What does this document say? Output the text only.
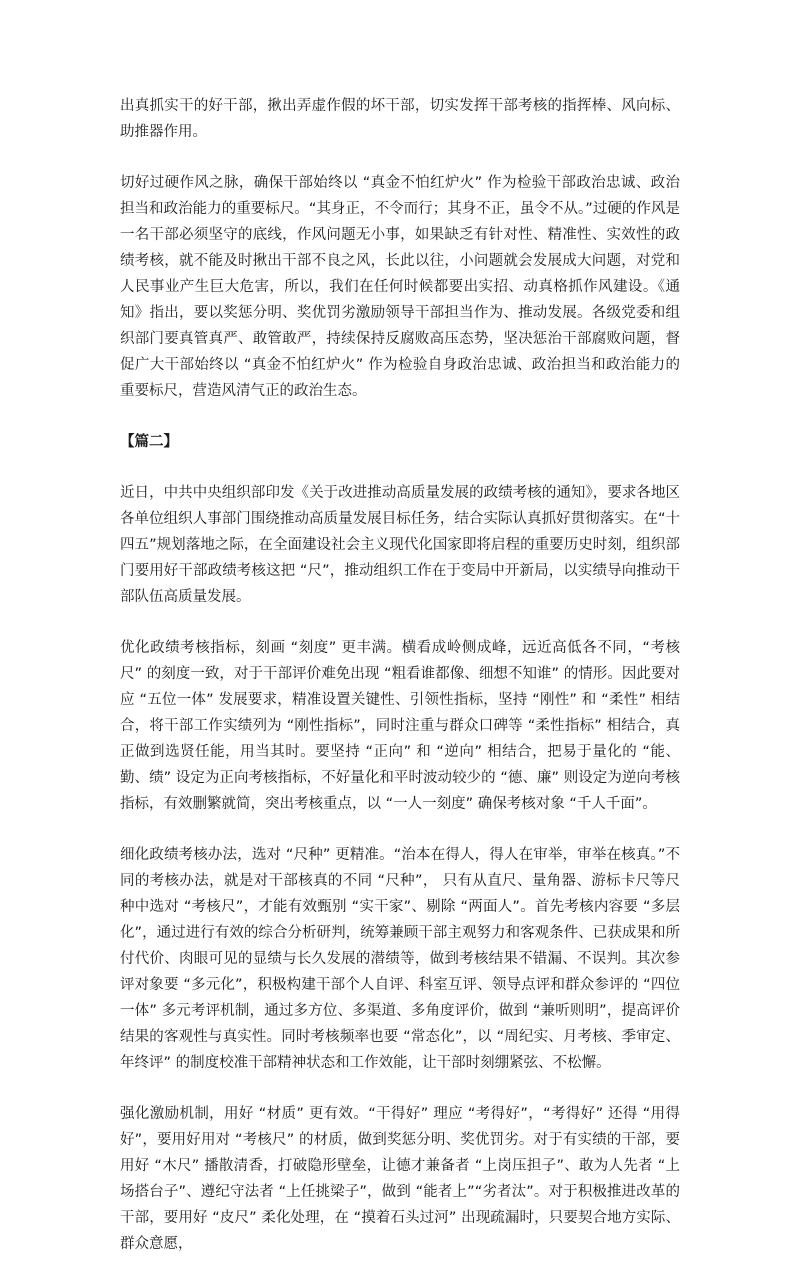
出真抓实干的好干部，揪出弄虚作假的坏干部，切实发挥干部考核的指挥棒、风向标、助推器作用。

切好过硬作风之脉，确保干部始终以 “真金不怕红炉火” 作为检验干部政治忠诚、政治担当和政治能力的重要标尺。“其身正，不令而行；其身不正，虽令不从。”过硬的作风是一名干部必须坚守的底线，作风问题无小事，如果缺乏有针对性、精准性、实效性的政绩考核，就不能及时揪出干部不良之风，长此以往，小问题就会发展成大问题，对党和人民事业产生巨大危害，所以，我们在任何时候都要出实招、动真格抓作风建设。《通知》指出，要以奖惩分明、奖优罚劣激励领导干部担当作为、推动发展。各级党委和组织部门要真管真严、敢管敢严，持续保持反腐败高压态势，坚决惩治干部腐败问题，督促广大干部始终以 “真金不怕红炉火” 作为检验自身政治忠诚、政治担当和政治能力的重要标尺，营造风清气正的政治生态。

【篇二】

近日，中共中央组织部印发《关于改进推动高质量发展的政绩考核的通知》，要求各地区各单位组织人事部门围绕推动高质量发展目标任务，结合实际认真抓好贯彻落实。在“十四五”规划落地之际，在全面建设社会主义现代化国家即将启程的重要历史时刻，组织部门要用好干部政绩考核这把 “尺”，推动组织工作在于变局中开新局，以实绩导向推动干部队伍高质量发展。

优化政绩考核指标，刻画 “刻度” 更丰满。横看成岭侧成峰，远近高低各不同，“考核尺” 的刻度一致，对于干部评价难免出现 “粗看谁都像、细想不知谁” 的情形。因此要对应 “五位一体” 发展要求，精准设置关键性、引领性指标，坚持 “刚性” 和 “柔性” 相结合，将干部工作实绩列为 “刚性指标”，同时注重与群众口碑等 “柔性指标” 相结合，真正做到选贤任能，用当其时。要坚持 “正向” 和 “逆向” 相结合，把易于量化的 “能、勤、绩” 设定为正向考核指标，不好量化和平时波动较少的 “德、廉” 则设定为逆向考核指标，有效删繁就简，突出考核重点，以 “一人一刻度” 确保考核对象 “千人千面”。

细化政绩考核办法，选对 “尺种” 更精准。“治本在得人，得人在审举，审举在核真。”不同的考核办法，就是对干部核真的不同 “尺种”， 只有从直尺、量角器、游标卡尺等尺种中选对 “考核尺”，才能有效甄别 “实干家”、剔除 “两面人”。首先考核内容要 “多层化”，通过进行有效的综合分析研判，统筹兼顾干部主观努力和客观条件、已获成果和所付代价、肉眼可见的显绩与长久发展的潜绩等，做到考核结果不错漏、不误判。其次参评对象要 “多元化”，积极构建干部个人自评、科室互评、领导点评和群众参评的 “四位一体” 多元考评机制，通过多方位、多渠道、多角度评价，做到 “兼听则明”，提高评价结果的客观性与真实性。同时考核频率也要 “常态化”，以 “周纪实、月考核、季审定、年终评” 的制度校准干部精神状态和工作效能，让干部时刻绷紧弦、不松懈。

强化激励机制，用好 “材质” 更有效。“干得好” 理应 “考得好”，“考得好” 还得 “用得好”，要用好用对 “考核尺” 的材质，做到奖惩分明、奖优罚劣。对于有实绩的干部，要用好 “木尺” 播散清香，打破隐形壁垒，让德才兼备者 “上岗压担子”、敢为人先者 “上场搭台子”、遵纪守法者 “上任挑梁子”，做到 “能者上”“劣者汰”。对于积极推进改革的干部，要用好 “皮尺” 柔化处理，在 “摸着石头过河” 出现疏漏时，只要契合地方实际、群众意愿，
